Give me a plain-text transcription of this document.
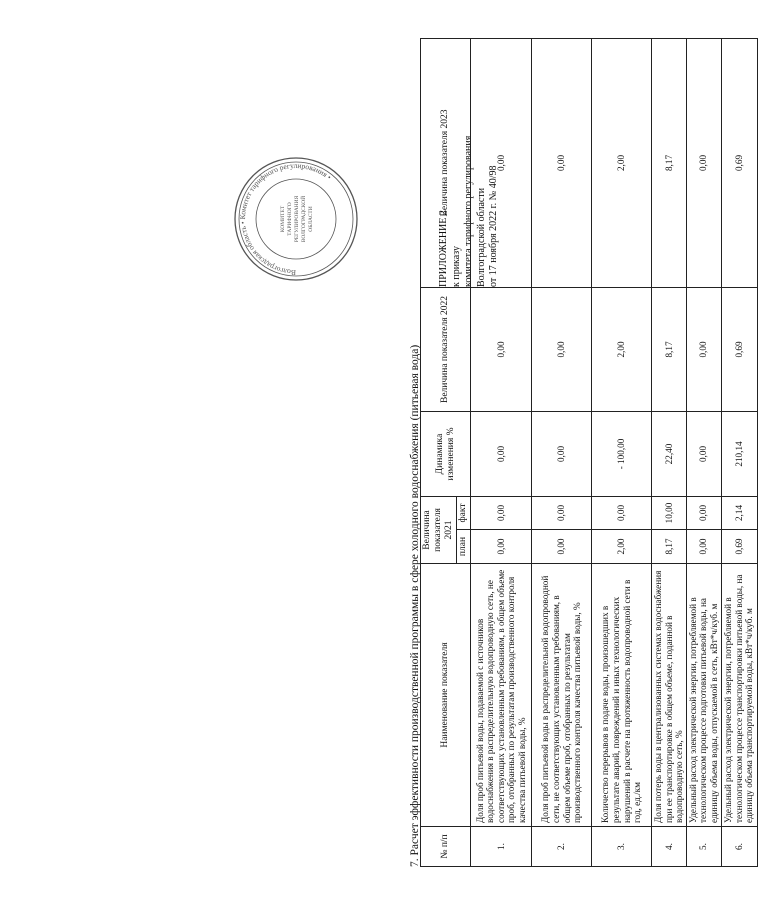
ПРИЛОЖЕНИЕ 2 к приказу комитета тарифного регулирования Волгоградской области от 17 ноября 2022 г. № 40/98
Волгоградская область • Комитет тарифного регулирования •
КОМИТЕТ ТАРИФНОГО РЕГУЛИРОВАНИЯ ВОЛГОГРАДСКОЙ ОБЛАСТИ
7. Расчет эффективности производственной программы в сфере холодного водоснабжения (питьевая вода) № п/п	Наименование показателя	Величина показателя 2021		Динамика изменения %	Величина показателя 2022	Величина показателя 2023
		план	факт			
1.	Доля проб питьевой воды, подаваемой с источников водоснабжения в распределительную водопроводную сеть, не соответствующих установленным требованиям, в общем объеме проб, отобранных по результатам производственного контроля качества питьевой воды, %	0,00	0,00	0,00	0,00	0,00
2.	Доля проб питьевой воды в распределительной водопроводной сети, не соответствующих установленным требованиям, в общем объеме проб, отобранных по результатам производственного контроля качества питьевой воды, %	0,00	0,00	0,00	0,00	0,00
3.	Количество перерывов в подаче воды, произошедших в результате аварий, повреждений и иных технологических нарушений в расчете на протяженность водопроводной сети в год, ед./км	2,00	0,00	- 100,00	2,00	2,00
4.	Доля потерь воды в централизованных системах водоснабжения при ее транспортировке в общем объеме, поданной в водопроводную сеть, %	8,17	10,00	22,40	8,17	8,17
5.	Удельный расход электрической энергии, потребляемой в технологическом процессе подготовки питьевой воды, на единицу объема воды, отпускаемой в сеть, кВт*ч/куб. м	0,00	0,00	0,00	0,00	0,00
6.	Удельный расход электрической энергии, потребляемой в технологическом процессе транспортировки питьевой воды, на единицу объема транспортируемой воды, кВт*ч/куб. м	0,69	2,14	210,14	0,69	0,69
